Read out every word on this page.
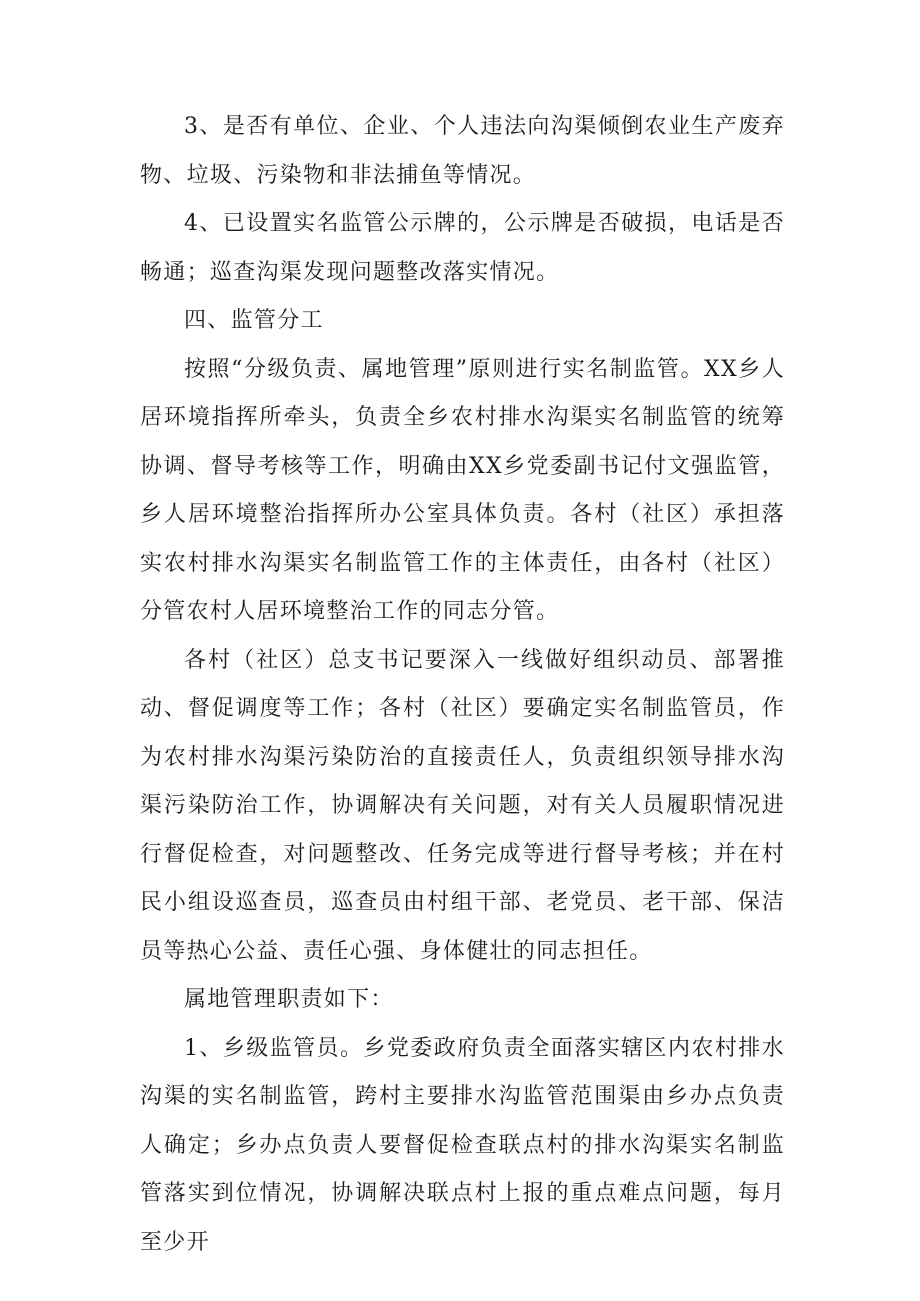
3、是否有单位、企业、个人违法向沟渠倾倒农业生产废弃物、垃圾、污染物和非法捕鱼等情况。

4、已设置实名监管公示牌的，公示牌是否破损，电话是否畅通；巡查沟渠发现问题整改落实情况。

四、监管分工

按照“分级负责、属地管理”原则进行实名制监管。XX乡人居环境指挥所牵头，负责全乡农村排水沟渠实名制监管的统筹协调、督导考核等工作，明确由XX乡党委副书记付文强监管，乡人居环境整治指挥所办公室具体负责。各村（社区）承担落实农村排水沟渠实名制监管工作的主体责任，由各村（社区）分管农村人居环境整治工作的同志分管。

各村（社区）总支书记要深入一线做好组织动员、部署推动、督促调度等工作；各村（社区）要确定实名制监管员，作为农村排水沟渠污染防治的直接责任人，负责组织领导排水沟渠污染防治工作，协调解决有关问题，对有关人员履职情况进行督促检查，对问题整改、任务完成等进行督导考核；并在村民小组设巡查员，巡查员由村组干部、老党员、老干部、保洁员等热心公益、责任心强、身体健壮的同志担任。

属地管理职责如下：

1、乡级监管员。乡党委政府负责全面落实辖区内农村排水沟渠的实名制监管，跨村主要排水沟监管范围渠由乡办点负责人确定；乡办点负责人要督促检查联点村的排水沟渠实名制监管落实到位情况，协调解决联点村上报的重点难点问题，每月至少开
